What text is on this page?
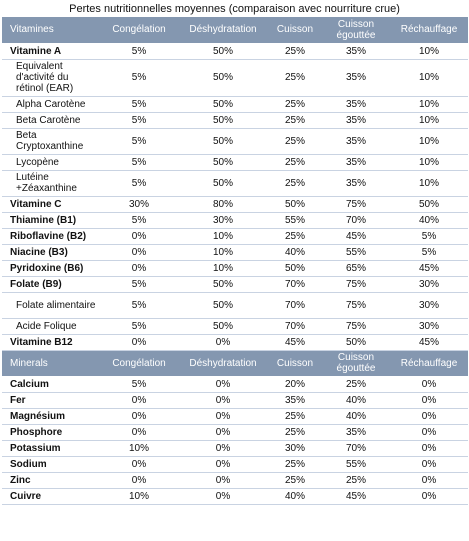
Pertes nutritionnelles moyennes (comparaison avec nourriture crue)
Vitamines	Congélation	Déshydratation	Cuisson	Cuisson égouttée	Réchauffage
Vitamine A	5%	50%	25%	35%	10%
Equivalent d'activité du rétinol (EAR)	5%	50%	25%	35%	10%
Alpha Carotène	5%	50%	25%	35%	10%
Beta Carotène	5%	50%	25%	35%	10%
Beta Cryptoxanthine	5%	50%	25%	35%	10%
Lycopène	5%	50%	25%	35%	10%
Lutéine +Zéaxanthine	5%	50%	25%	35%	10%
Vitamine C	30%	80%	50%	75%	50%
Thiamine (B1)	5%	30%	55%	70%	40%
Riboflavine (B2)	0%	10%	25%	45%	5%
Niacine (B3)	0%	10%	40%	55%	5%
Pyridoxine (B6)	0%	10%	50%	65%	45%
Folate (B9)	5%	50%	70%	75%	30%
Folate alimentaire	5%	50%	70%	75%	30%
Acide Folique	5%	50%	70%	75%	30%
Vitamine B12	0%	0%	45%	50%	45%
Minerals	Congélation	Déshydratation	Cuisson	Cuisson égouttée	Réchauffage
Calcium	5%	0%	20%	25%	0%
Fer	0%	0%	35%	40%	0%
Magnésium	0%	0%	25%	40%	0%
Phosphore	0%	0%	25%	35%	0%
Potassium	10%	0%	30%	70%	0%
Sodium	0%	0%	25%	55%	0%
Zinc	0%	0%	25%	25%	0%
Cuivre	10%	0%	40%	45%	0%
